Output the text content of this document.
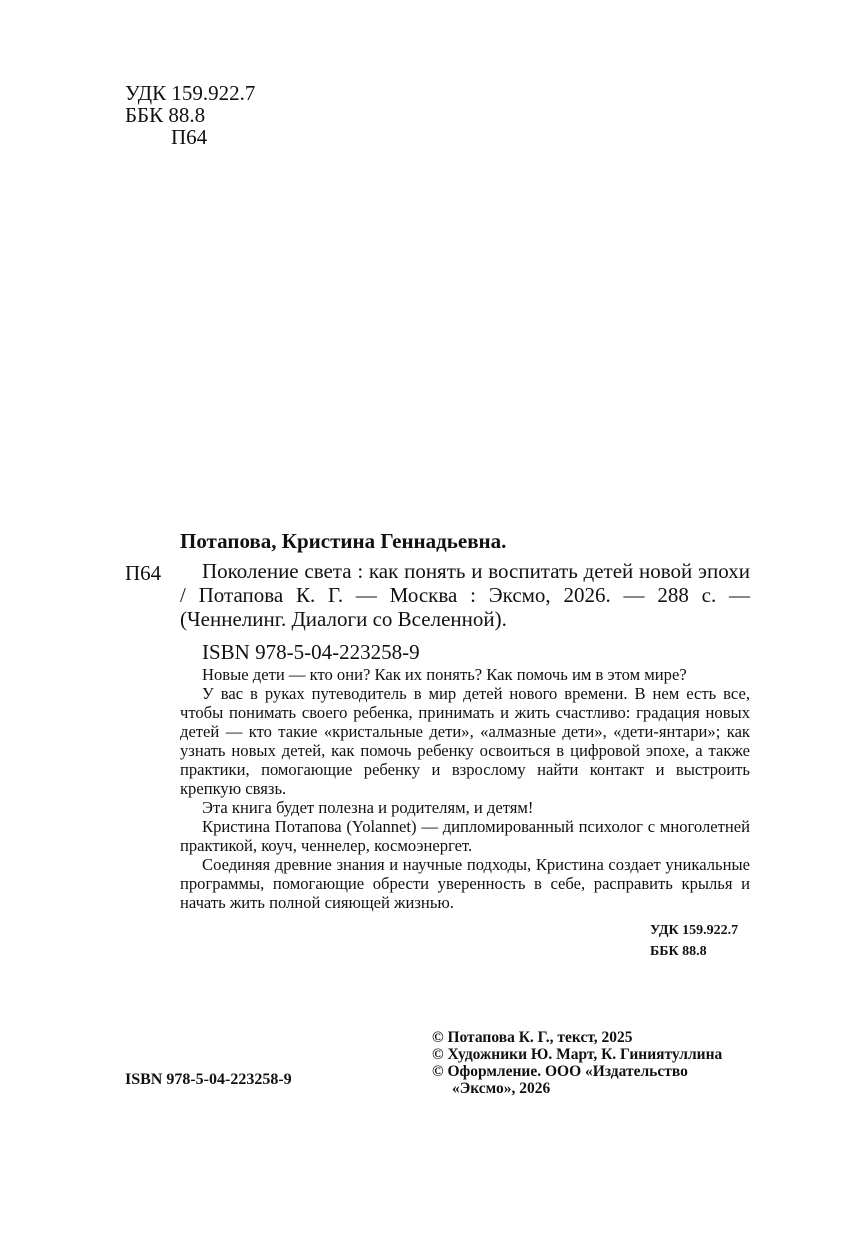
УДК 159.922.7
ББК 88.8
П64
Потапова, Кристина Геннадьевна.
П64	Поколение света : как понять и воспитать детей новой эпохи / Потапова К. Г. — Москва : Эксмо, 2026. — 288 с. — (Ченнелинг. Диалоги со Вселенной).
ISBN 978-5-04-223258-9

Новые дети — кто они? Как их понять? Как помочь им в этом мире?

У вас в руках путеводитель в мир детей нового времени. В нем есть все, чтобы понимать своего ребенка, принимать и жить счастливо: градация новых детей — кто такие «кристальные дети», «алмазные дети», «дети-янтари»; как узнать новых детей, как помочь ребенку освоиться в цифровой эпохе, а также практики, помогающие ребенку и взрослому найти контакт и выстроить крепкую связь.

Эта книга будет полезна и родителям, и детям!

Кристина Потапова (Yolannet) — дипломированный психолог с многолетней практикой, коуч, ченнелер, космоэнергет.

Соединяя древние знания и научные подходы, Кристина создает уникальные программы, помогающие обрести уверенность в себе, расправить крылья и начать жить полной сияющей жизнью.

УДК 159.922.7
ББК 88.8
© Потапова К. Г., текст, 2025
© Художники Ю. Март, К. Гиниятуллина
© Оформление. ООО «Издательство
«Эксмо», 2026
ISBN 978-5-04-223258-9
